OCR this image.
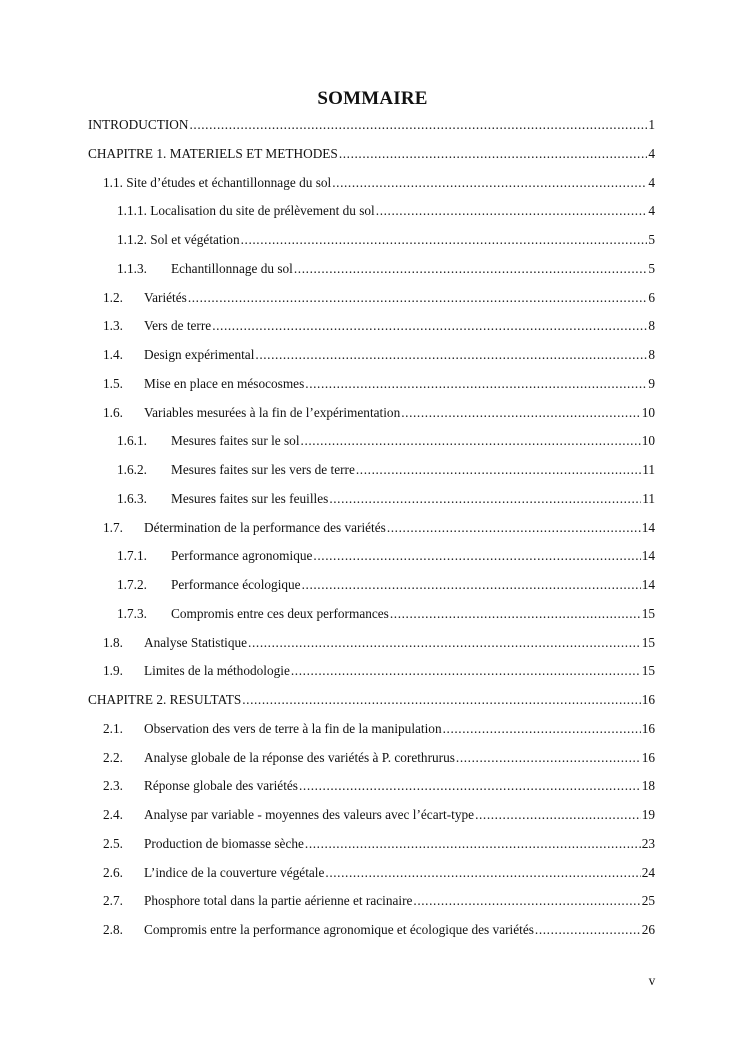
SOMMAIRE
INTRODUCTION .....	1
CHAPITRE 1. MATERIELS ET METHODES .....	4
1.1. Site d’études et échantillonnage du sol .....	4
1.1.1. Localisation du site de prélèvement du sol .....	4
1.1.2. Sol et végétation .....	5
1.1.3.	Echantillonnage du sol .....	5
1.2.	Variétés .....	6
1.3.	Vers de terre .....	8
1.4.	Design expérimental .....	8
1.5.	Mise en place en mésocosmes .....	9
1.6.	Variables mesurées à la fin de l’expérimentation .....	10
1.6.1.	Mesures faites sur le sol .....	10
1.6.2.	Mesures faites sur les vers de terre .....	11
1.6.3.	Mesures faites sur les feuilles .....	11
1.7.	Détermination de la performance des variétés .....	14
1.7.1.	Performance agronomique .....	14
1.7.2.	Performance écologique .....	14
1.7.3.	Compromis entre ces deux performances .....	15
1.8.	Analyse Statistique .....	15
1.9.	Limites de la méthodologie .....	15
CHAPITRE 2. RESULTATS .....	16
2.1.	Observation des vers de terre à la fin de la manipulation .....	16
2.2.	Analyse globale de la réponse des variétés à P. corethrurus .....	16
2.3.	Réponse globale des variétés .....	18
2.4.	Analyse par variable - moyennes des valeurs avec l’écart-type .....	19
2.5.	Production de biomasse sèche .....	23
2.6.	L’indice de la couverture végétale .....	24
2.7.	Phosphore total dans la partie aérienne et racinaire .....	25
2.8.	Compromis entre la performance agronomique et écologique des variétés .....	26
v
